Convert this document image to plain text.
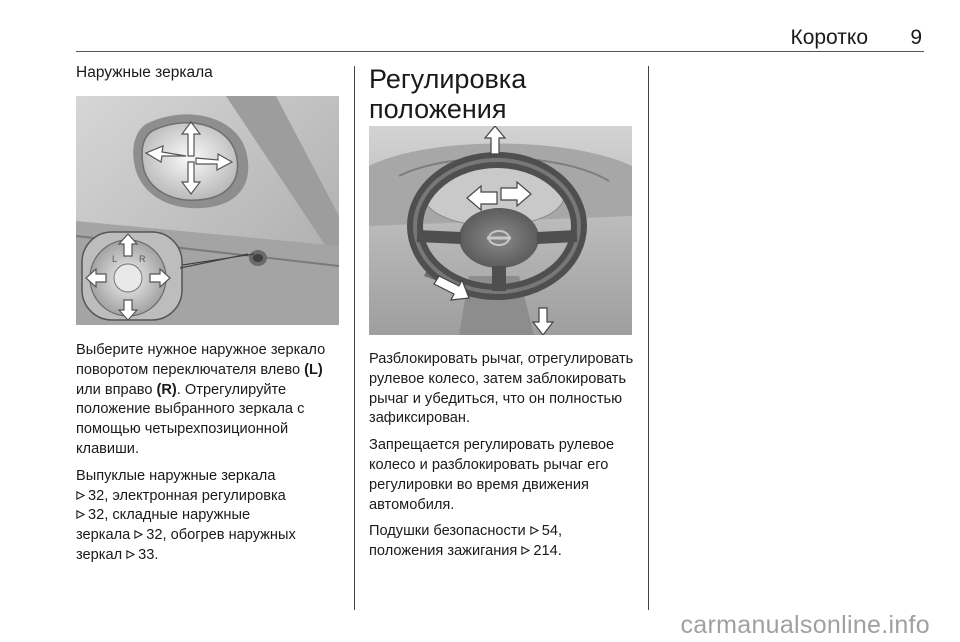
Коротко 9

Наружные зеркала

L R

Выберите нужное наружное зеркало поворотом переключателя влево (L) или вправо (R). Отрегулируйте положение выбранного зеркала с помощью четырехпозиционной клавиши.

Выпуклые наружные зеркала
32, электронная регулировка
32, складные наружные
зеркала 32, обогрев наружных
зеркал 33.

Регулировка положения

Разблокировать рычаг, отрегулировать рулевое колесо, затем заблокировать рычаг и убедиться, что он полностью зафиксирован.

Запрещается регулировать рулевое колесо и разблокировать рычаг его регулировки во время движения автомобиля.

Подушки безопасности 54,
положения зажигания 214.

carmanualsonline.info
